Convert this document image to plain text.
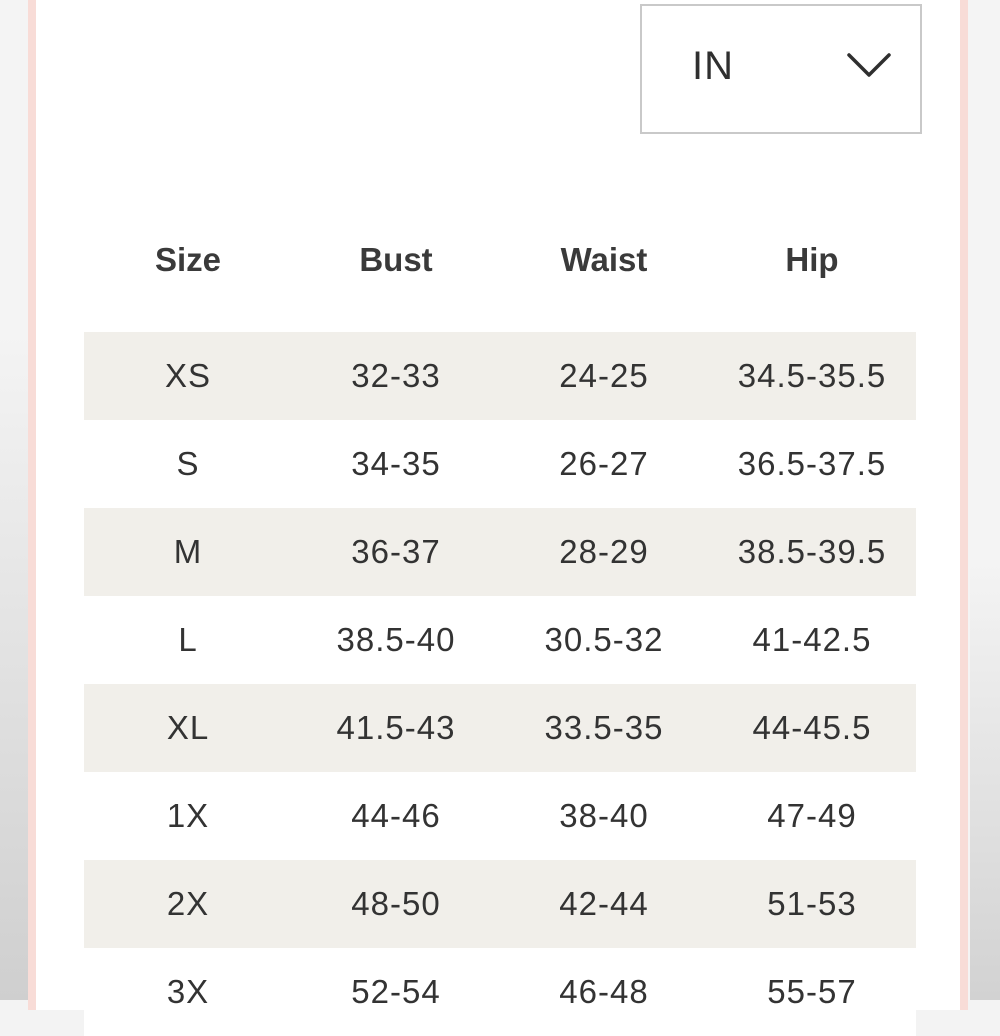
IN
Size	Bust	Waist	Hip
XS	32-33	24-25	34.5-35.5
S	34-35	26-27	36.5-37.5
M	36-37	28-29	38.5-39.5
L	38.5-40	30.5-32	41-42.5
XL	41.5-43	33.5-35	44-45.5
1X	44-46	38-40	47-49
2X	48-50	42-44	51-53
3X	52-54	46-48	55-57
